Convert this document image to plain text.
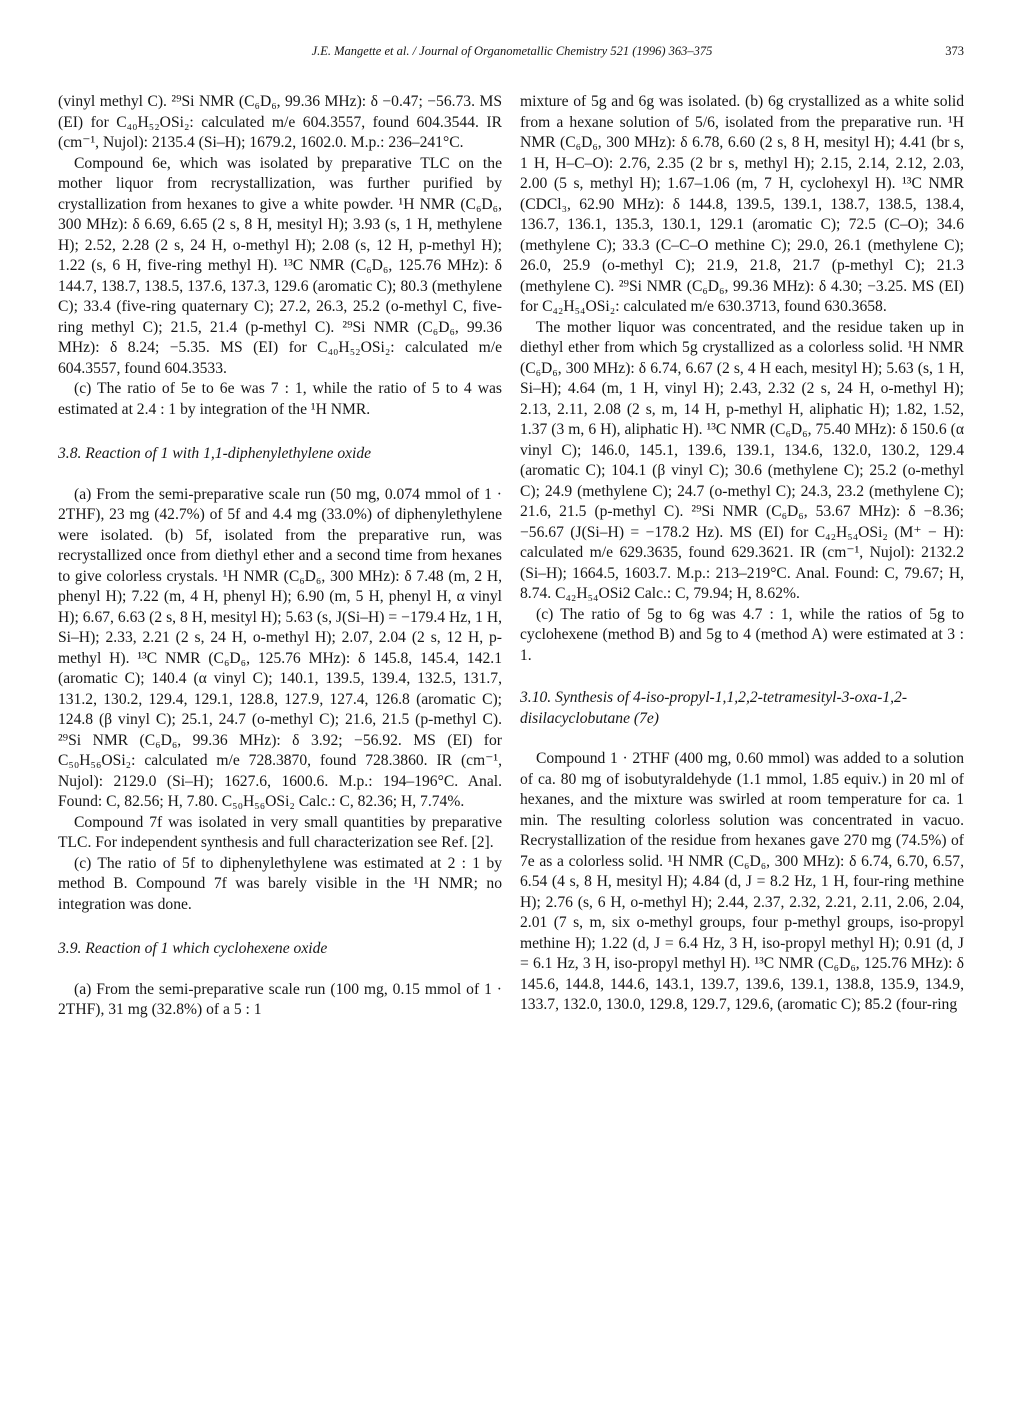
J.E. Mangette et al. / Journal of Organometallic Chemistry 521 (1996) 363–375	373

(vinyl methyl C). ²⁹Si NMR (C₆D₆, 99.36 MHz): δ −0.47; −56.73. MS (EI) for C₄₀H₅₂OSi₂: calculated m/e 604.3557, found 604.3544. IR (cm⁻¹, Nujol): 2135.4 (Si–H); 1679.2, 1602.0. M.p.: 236–241°C.

Compound 6e, which was isolated by preparative TLC on the mother liquor from recrystallization, was further purified by crystallization from hexanes to give a white powder. ¹H NMR (C₆D₆, 300 MHz): δ 6.69, 6.65 (2 s, 8 H, mesityl H); 3.93 (s, 1 H, methylene H); 2.52, 2.28 (2 s, 24 H, o-methyl H); 2.08 (s, 12 H, p-methyl H); 1.22 (s, 6 H, five-ring methyl H). ¹³C NMR (C₆D₆, 125.76 MHz): δ 144.7, 138.7, 138.5, 137.6, 137.3, 129.6 (aromatic C); 80.3 (methylene C); 33.4 (five-ring quaternary C); 27.2, 26.3, 25.2 (o-methyl C, five-ring methyl C); 21.5, 21.4 (p-methyl C). ²⁹Si NMR (C₆D₆, 99.36 MHz): δ 8.24; −5.35. MS (EI) for C₄₀H₅₂OSi₂: calculated m/e 604.3557, found 604.3533.

(c) The ratio of 5e to 6e was 7 : 1, while the ratio of 5 to 4 was estimated at 2.4 : 1 by integration of the ¹H NMR.

3.8. Reaction of 1 with 1,1-diphenylethylene oxide

(a) From the semi-preparative scale run (50 mg, 0.074 mmol of 1 · 2THF), 23 mg (42.7%) of 5f and 4.4 mg (33.0%) of diphenylethylene were isolated. (b) 5f, isolated from the preparative run, was recrystallized once from diethyl ether and a second time from hexanes to give colorless crystals. ¹H NMR (C₆D₆, 300 MHz): δ 7.48 (m, 2 H, phenyl H); 7.22 (m, 4 H, phenyl H); 6.90 (m, 5 H, phenyl H, α vinyl H); 6.67, 6.63 (2 s, 8 H, mesityl H); 5.63 (s, J(Si–H) = −179.4 Hz, 1 H, Si–H); 2.33, 2.21 (2 s, 24 H, o-methyl H); 2.07, 2.04 (2 s, 12 H, p-methyl H). ¹³C NMR (C₆D₆, 125.76 MHz): δ 145.8, 145.4, 142.1 (aromatic C); 140.4 (α vinyl C); 140.1, 139.5, 139.4, 132.5, 131.7, 131.2, 130.2, 129.4, 129.1, 128.8, 127.9, 127.4, 126.8 (aromatic C); 124.8 (β vinyl C); 25.1, 24.7 (o-methyl C); 21.6, 21.5 (p-methyl C). ²⁹Si NMR (C₆D₆, 99.36 MHz): δ 3.92; −56.92. MS (EI) for C₅₀H₅₆OSi₂: calculated m/e 728.3870, found 728.3860. IR (cm⁻¹, Nujol): 2129.0 (Si–H); 1627.6, 1600.6. M.p.: 194–196°C. Anal. Found: C, 82.56; H, 7.80. C₅₀H₅₆OSi₂ Calc.: C, 82.36; H, 7.74%.

Compound 7f was isolated in very small quantities by preparative TLC. For independent synthesis and full characterization see Ref. [2].

(c) The ratio of 5f to diphenylethylene was estimated at 2 : 1 by method B. Compound 7f was barely visible in the ¹H NMR; no integration was done.

3.9. Reaction of 1 which cyclohexene oxide

(a) From the semi-preparative scale run (100 mg, 0.15 mmol of 1 · 2THF), 31 mg (32.8%) of a 5 : 1

mixture of 5g and 6g was isolated. (b) 6g crystallized as a white solid from a hexane solution of 5/6, isolated from the preparative run. ¹H NMR (C₆D₆, 300 MHz): δ 6.78, 6.60 (2 s, 8 H, mesityl H); 4.41 (br s, 1 H, H–C–O): 2.76, 2.35 (2 br s, methyl H); 2.15, 2.14, 2.12, 2.03, 2.00 (5 s, methyl H); 1.67–1.06 (m, 7 H, cyclohexyl H). ¹³C NMR (CDCl₃, 62.90 MHz): δ 144.8, 139.5, 139.1, 138.7, 138.5, 138.4, 136.7, 136.1, 135.3, 130.1, 129.1 (aromatic C); 72.5 (C–O); 34.6 (methylene C); 33.3 (C–C–O methine C); 29.0, 26.1 (methylene C); 26.0, 25.9 (o-methyl C); 21.9, 21.8, 21.7 (p-methyl C); 21.3 (methylene C). ²⁹Si NMR (C₆D₆, 99.36 MHz): δ 4.30; −3.25. MS (EI) for C₄₂H₅₄OSi₂: calculated m/e 630.3713, found 630.3658.

The mother liquor was concentrated, and the residue taken up in diethyl ether from which 5g crystallized as a colorless solid. ¹H NMR (C₆D₆, 300 MHz): δ 6.74, 6.67 (2 s, 4 H each, mesityl H); 5.63 (s, 1 H, Si–H); 4.64 (m, 1 H, vinyl H); 2.43, 2.32 (2 s, 24 H, o-methyl H); 2.13, 2.11, 2.08 (2 s, m, 14 H, p-methyl H, aliphatic H); 1.82, 1.52, 1.37 (3 m, 6 H), aliphatic H). ¹³C NMR (C₆D₆, 75.40 MHz): δ 150.6 (α vinyl C); 146.0, 145.1, 139.6, 139.1, 134.6, 132.0, 130.2, 129.4 (aromatic C); 104.1 (β vinyl C); 30.6 (methylene C); 25.2 (o-methyl C); 24.9 (methylene C); 24.7 (o-methyl C); 24.3, 23.2 (methylene C); 21.6, 21.5 (p-methyl C). ²⁹Si NMR (C₆D₆, 53.67 MHz): δ −8.36; −56.67 (J(Si–H) = −178.2 Hz). MS (EI) for C₄₂H₅₄OSi₂ (M⁺ − H): calculated m/e 629.3635, found 629.3621. IR (cm⁻¹, Nujol): 2132.2 (Si–H); 1664.5, 1603.7. M.p.: 213–219°C. Anal. Found: C, 79.67; H, 8.74. C₄₂H₅₄OSi2 Calc.: C, 79.94; H, 8.62%.

(c) The ratio of 5g to 6g was 4.7 : 1, while the ratios of 5g to cyclohexene (method B) and 5g to 4 (method A) were estimated at 3 : 1.

3.10. Synthesis of 4-iso-propyl-1,1,2,2-tetramesityl-3-oxa-1,2-disilacyclobutane (7e)

Compound 1 · 2THF (400 mg, 0.60 mmol) was added to a solution of ca. 80 mg of isobutyraldehyde (1.1 mmol, 1.85 equiv.) in 20 ml of hexanes, and the mixture was swirled at room temperature for ca. 1 min. The resulting colorless solution was concentrated in vacuo. Recrystallization of the residue from hexanes gave 270 mg (74.5%) of 7e as a colorless solid. ¹H NMR (C₆D₆, 300 MHz): δ 6.74, 6.70, 6.57, 6.54 (4 s, 8 H, mesityl H); 4.84 (d, J = 8.2 Hz, 1 H, four-ring methine H); 2.76 (s, 6 H, o-methyl H); 2.44, 2.37, 2.32, 2.21, 2.11, 2.06, 2.04, 2.01 (7 s, m, six o-methyl groups, four p-methyl groups, iso-propyl methine H); 1.22 (d, J = 6.4 Hz, 3 H, iso-propyl methyl H); 0.91 (d, J = 6.1 Hz, 3 H, iso-propyl methyl H). ¹³C NMR (C₆D₆, 125.76 MHz): δ 145.6, 144.8, 144.6, 143.1, 139.7, 139.6, 139.1, 138.8, 135.9, 134.9, 133.7, 132.0, 130.0, 129.8, 129.7, 129.6, (aromatic C); 85.2 (four-ring
